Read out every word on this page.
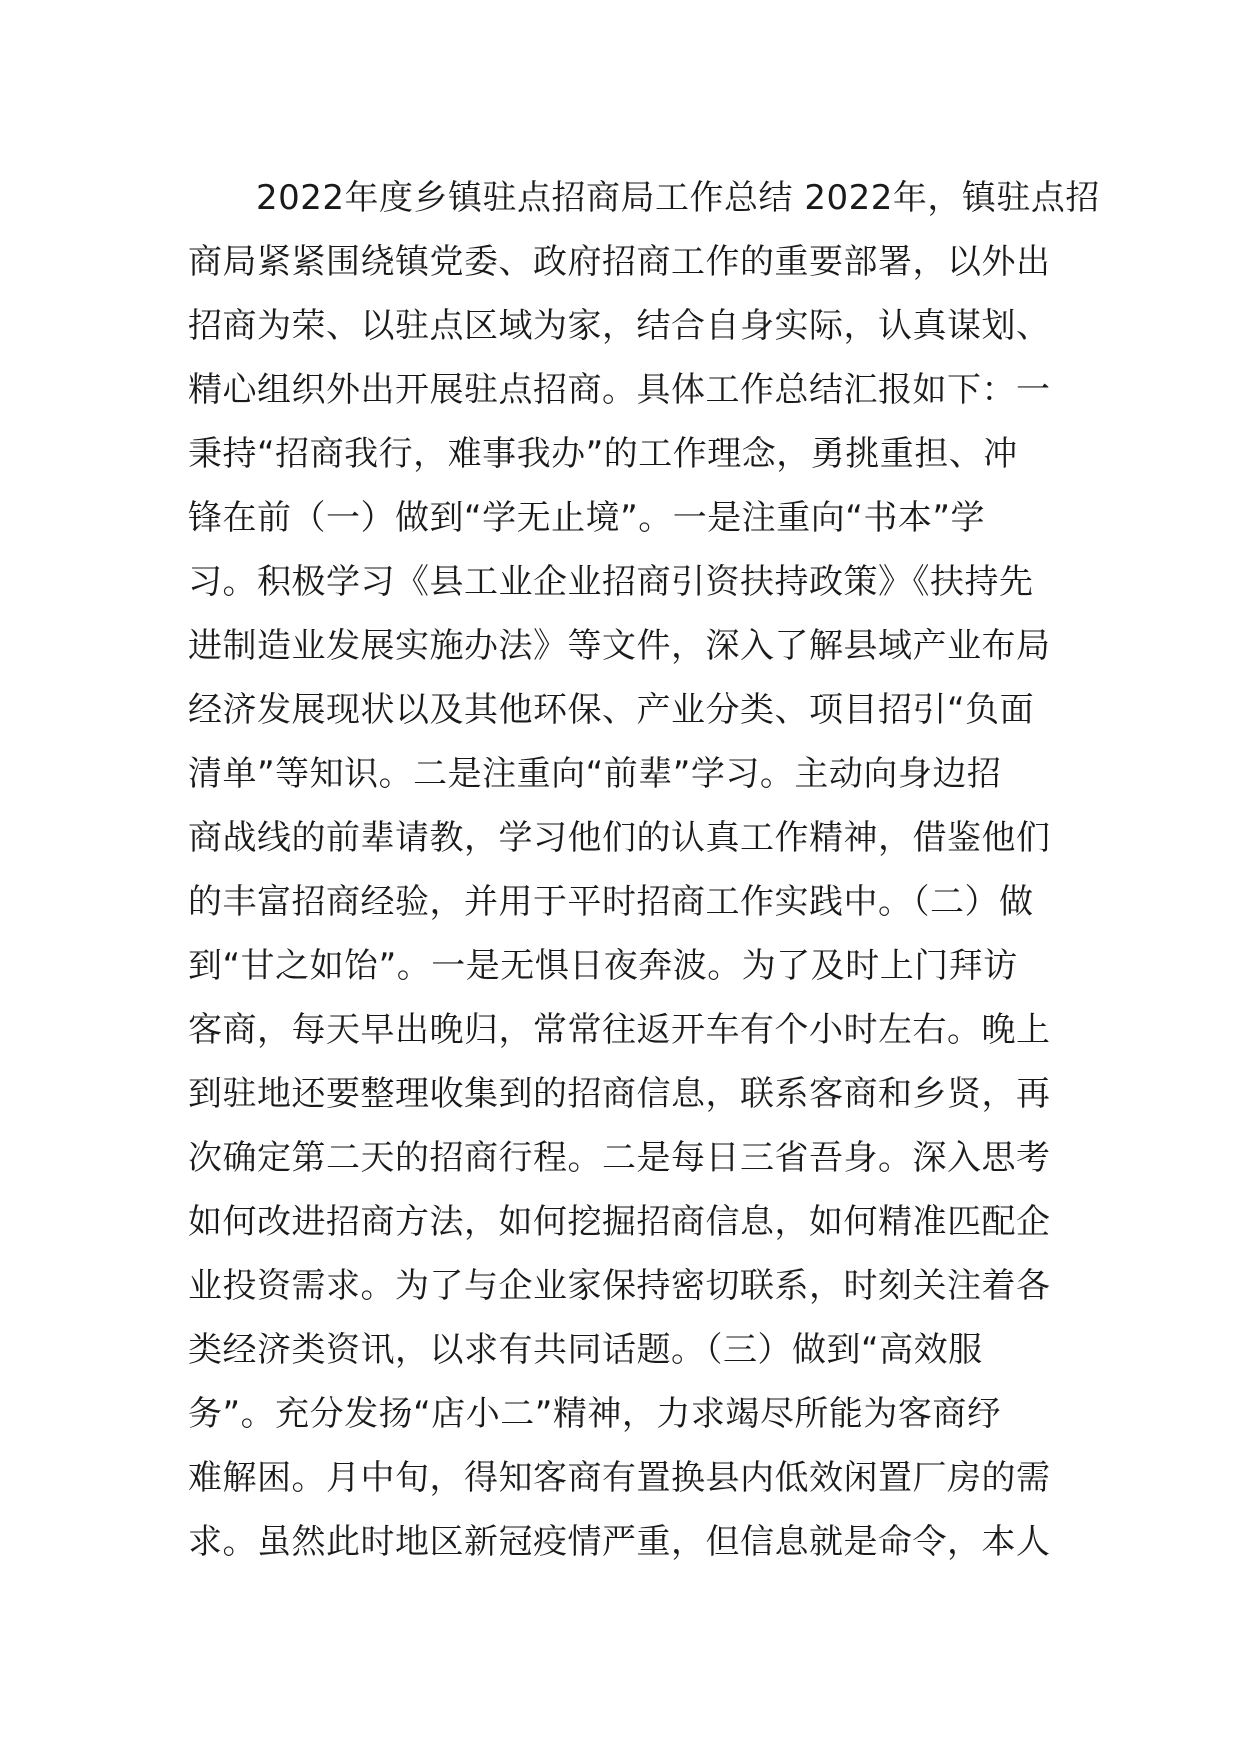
2022年度乡镇驻点招商局工作总结 2022年，镇驻点招
商局紧紧围绕镇党委、政府招商工作的重要部署，以外出
招商为荣、以驻点区域为家，结合自身实际，认真谋划、
精心组织外出开展驻点招商。具体工作总结汇报如下：一
秉持“招商我行，难事我办”的工作理念，勇挑重担、冲
锋在前（一）做到“学无止境”。一是注重向“书本”学
习。积极学习《县工业企业招商引资扶持政策》《扶持先
进制造业发展实施办法》等文件，深入了解县域产业布局
经济发展现状以及其他环保、产业分类、项目招引“负面
清单”等知识。二是注重向“前辈”学习。主动向身边招
商战线的前辈请教，学习他们的认真工作精神，借鉴他们
的丰富招商经验，并用于平时招商工作实践中。（二）做
到“甘之如饴”。一是无惧日夜奔波。为了及时上门拜访
客商，每天早出晚归，常常往返开车有个小时左右。晚上
到驻地还要整理收集到的招商信息，联系客商和乡贤，再
次确定第二天的招商行程。二是每日三省吾身。深入思考
如何改进招商方法，如何挖掘招商信息，如何精准匹配企
业投资需求。为了与企业家保持密切联系，时刻关注着各
类经济类资讯，以求有共同话题。（三）做到“高效服
务”。充分发扬“店小二”精神，力求竭尽所能为客商纾
难解困。月中旬，得知客商有置换县内低效闲置厂房的需
求。虽然此时地区新冠疫情严重，但信息就是命令，本人
